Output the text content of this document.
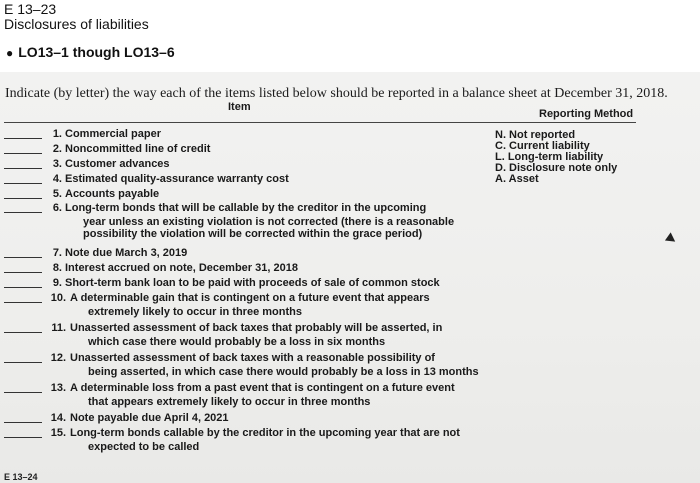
E 13–23
Disclosures of liabilities
● LO13–1 though LO13–6
Indicate (by letter) the way each of the items listed below should be reported in a balance sheet at December 31, 2018.
Item
Reporting Method
1. Commercial paper
2. Noncommitted line of credit
3. Customer advances
4. Estimated quality-assurance warranty cost
5. Accounts payable
6. Long-term bonds that will be callable by the creditor in the upcoming
year unless an existing violation is not corrected (there is a reasonable
possibility the violation will be corrected within the grace period)
7. Note due March 3, 2019
8. Interest accrued on note, December 31, 2018
9. Short-term bank loan to be paid with proceeds of sale of common stock
10. A determinable gain that is contingent on a future event that appears
extremely likely to occur in three months
11. Unasserted assessment of back taxes that probably will be asserted, in
which case there would probably be a loss in six months
12. Unasserted assessment of back taxes with a reasonable possibility of
being asserted, in which case there would probably be a loss in 13 months
13. A determinable loss from a past event that is contingent on a future event
that appears extremely likely to occur in three months
14. Note payable due April 4, 2021
15. Long-term bonds callable by the creditor in the upcoming year that are not
expected to be called
N. Not reported
C. Current liability
L. Long-term liability
D. Disclosure note only
A. Asset
E 13–24
